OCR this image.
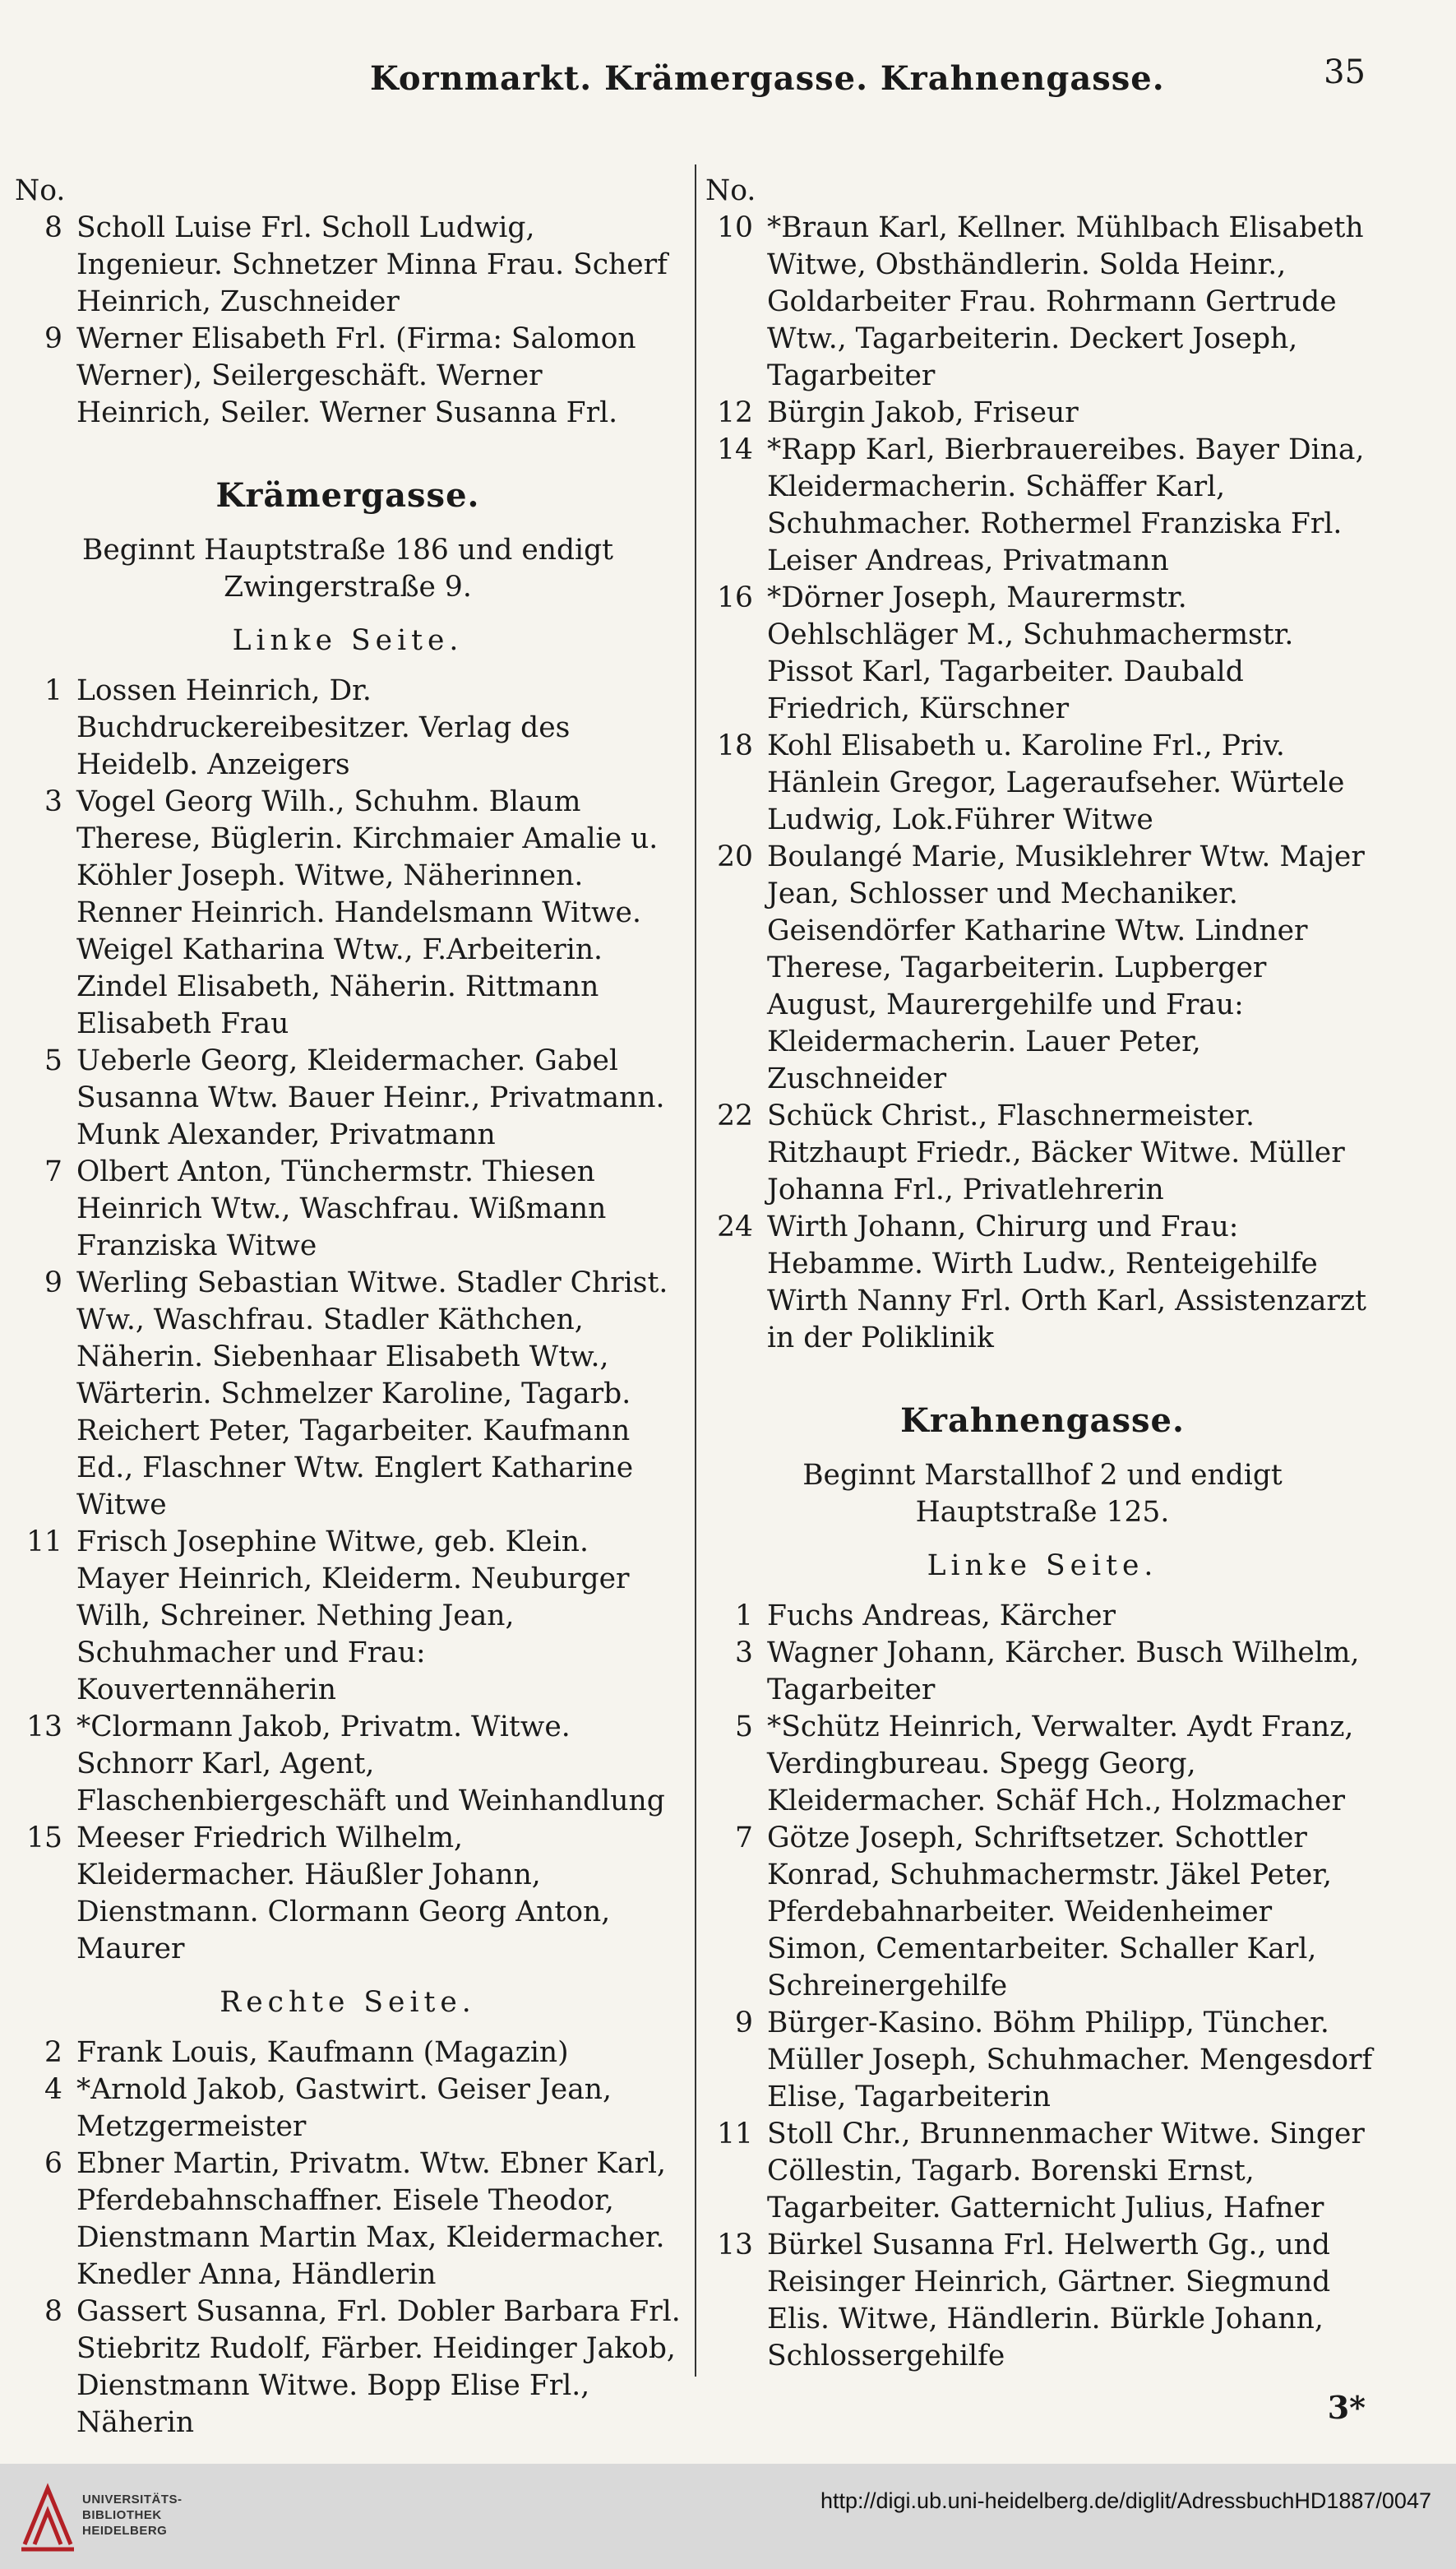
Kornmarkt. Krämergasse. Krahnengasse.	35
No.
8 Scholl Luise Frl. Scholl Ludwig, Ingenieur. Schnetzer Minna Frau. Scherf Heinrich, Zuschneider
9 Werner Elisabeth Frl. (Firma: Salomon Werner), Seilergeschäft. Werner Heinrich, Seiler. Werner Susanna Frl.
Krämergasse.
Beginnt Hauptstraße 186 und endigt Zwingerstraße 9.
Linke Seite.
1 Lossen Heinrich, Dr. Buchdruckereibesitzer. Verlag des Heidelb. Anzeigers
3 Vogel Georg Wilh., Schuhm. Blaum Therese, Büglerin. Kirchmaier Amalie u. Köhler Joseph. Witwe, Näherinnen. Renner Heinrich. Handelsmann Witwe. Weigel Katharina Wtw., F.Arbeiterin. Zindel Elisabeth, Näherin. Rittmann Elisabeth Frau
5 Ueberle Georg, Kleidermacher. Gabel Susanna Wtw. Bauer Heinr., Privatmann. Munk Alexander, Privatmann
7 Olbert Anton, Tünchermstr. Thiesen Heinrich Wtw., Waschfrau. Wißmann Franziska Witwe
9 Werling Sebastian Witwe. Stadler Christ. Ww., Waschfrau. Stadler Käthchen, Näherin. Siebenhaar Elisabeth Wtw., Wärterin. Schmelzer Karoline, Tagarb. Reichert Peter, Tagarbeiter. Kaufmann Ed., Flaschner Wtw. Englert Katharine Witwe
11 Frisch Josephine Witwe, geb. Klein. Mayer Heinrich, Kleiderm. Neuburger Wilh, Schreiner. Nething Jean, Schuhmacher und Frau: Kouvertennäherin
13 *Clormann Jakob, Privatm. Witwe. Schnorr Karl, Agent, Flaschenbiergeschäft und Weinhandlung
15 Meeser Friedrich Wilhelm, Kleidermacher. Häußler Johann, Dienstmann. Clormann Georg Anton, Maurer
Rechte Seite.
2 Frank Louis, Kaufmann (Magazin)
4 *Arnold Jakob, Gastwirt. Geiser Jean, Metzgermeister
6 Ebner Martin, Privatm. Wtw. Ebner Karl, Pferdebahnschaffner. Eisele Theodor, Dienstmann Martin Max, Kleidermacher. Knedler Anna, Händlerin
8 Gassert Susanna, Frl. Dobler Barbara Frl. Stiebritz Rudolf, Färber. Heidinger Jakob, Dienstmann Witwe. Bopp Elise Frl., Näherin
No.
10 *Braun Karl, Kellner. Mühlbach Elisabeth Witwe, Obsthändlerin. Solda Heinr., Goldarbeiter Frau. Rohrmann Gertrude Wtw., Tagarbeiterin. Deckert Joseph, Tagarbeiter
12 Bürgin Jakob, Friseur
14 *Rapp Karl, Bierbrauereibes. Bayer Dina, Kleidermacherin. Schäffer Karl, Schuhmacher. Rothermel Franziska Frl. Leiser Andreas, Privatmann
16 *Dörner Joseph, Maurermstr. Oehlschläger M., Schuhmachermstr. Pissot Karl, Tagarbeiter. Daubald Friedrich, Kürschner
18 Kohl Elisabeth u. Karoline Frl., Priv. Hänlein Gregor, Lageraufseher. Würtele Ludwig, Lok.Führer Witwe
20 Boulangé Marie, Musiklehrer Wtw. Majer Jean, Schlosser und Mechaniker. Geisendörfer Katharine Wtw. Lindner Therese, Tagarbeiterin. Lupberger August, Maurergehilfe und Frau: Kleidermacherin. Lauer Peter, Zuschneider
22 Schück Christ., Flaschnermeister. Ritzhaupt Friedr., Bäcker Witwe. Müller Johanna Frl., Privatlehrerin
24 Wirth Johann, Chirurg und Frau: Hebamme. Wirth Ludw., Renteigehilfe Wirth Nanny Frl. Orth Karl, Assistenzarzt in der Poliklinik
Krahnengasse.
Beginnt Marstallhof 2 und endigt Hauptstraße 125.
Linke Seite.
1 Fuchs Andreas, Kärcher
3 Wagner Johann, Kärcher. Busch Wilhelm, Tagarbeiter
5 *Schütz Heinrich, Verwalter. Aydt Franz, Verdingbureau. Spegg Georg, Kleidermacher. Schäf Hch., Holzmacher
7 Götze Joseph, Schriftsetzer. Schottler Konrad, Schuhmachermstr. Jäkel Peter, Pferdebahnarbeiter. Weidenheimer Simon, Cementarbeiter. Schaller Karl, Schreinergehilfe
9 Bürger-Kasino. Böhm Philipp, Tüncher. Müller Joseph, Schuhmacher. Mengesdorf Elise, Tagarbeiterin
11 Stoll Chr., Brunnenmacher Witwe. Singer Cöllestin, Tagarb. Borenski Ernst, Tagarbeiter. Gatternicht Julius, Hafner
13 Bürkel Susanna Frl. Helwerth Gg., und Reisinger Heinrich, Gärtner. Siegmund Elis. Witwe, Händlerin. Bürkle Johann, Schlossergehilfe
3*
UNIVERSITÄTS-
BIBLIOTHEK
HEIDELBERG
http://digi.ub.uni-heidelberg.de/diglit/AdressbuchHD1887/0047
